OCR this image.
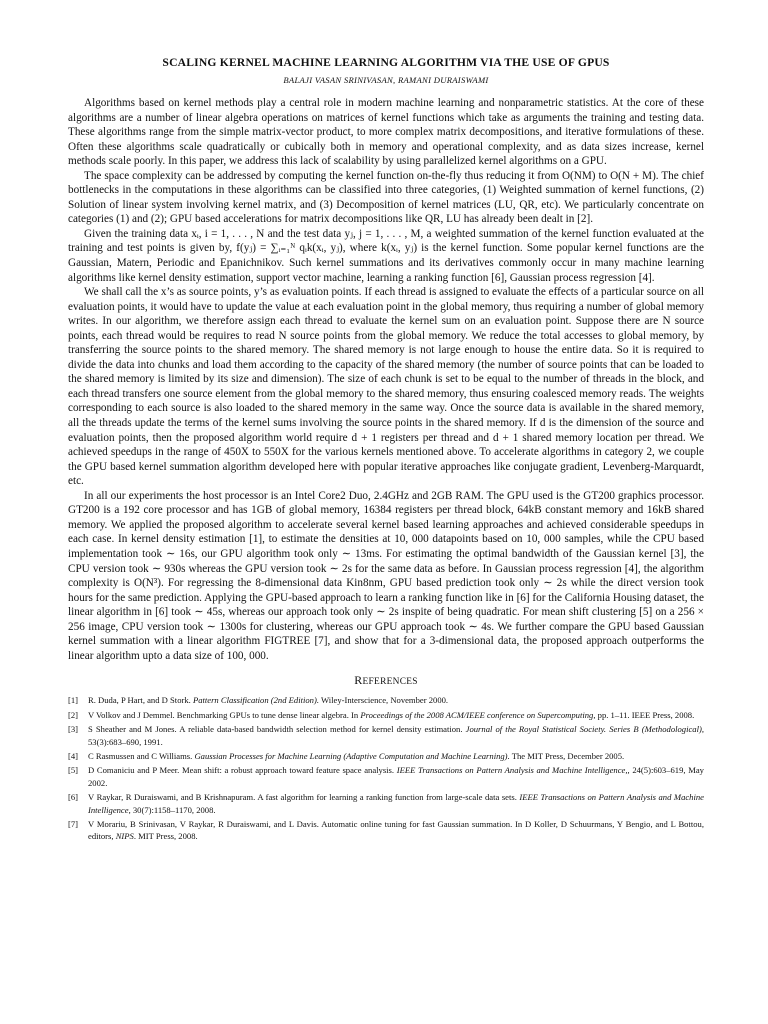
SCALING KERNEL MACHINE LEARNING ALGORITHM VIA THE USE OF GPUS
BALAJI VASAN SRINIVASAN, RAMANI DURAISWAMI

Algorithms based on kernel methods play a central role in modern machine learning and nonparametric statistics. At the core of these algorithms are a number of linear algebra operations on matrices of kernel functions which take as arguments the training and testing data. These algorithms range from the simple matrix-vector product, to more complex matrix decompositions, and iterative formulations of these. Often these algorithms scale quadratically or cubically both in memory and operational complexity, and as data sizes increase, kernel methods scale poorly. In this paper, we address this lack of scalability by using parallelized kernel algorithms on a GPU.

The space complexity can be addressed by computing the kernel function on-the-fly thus reducing it from O(NM) to O(N + M). The chief bottlenecks in the computations in these algorithms can be classified into three categories, (1) Weighted summation of kernel functions, (2) Solution of linear system involving kernel matrix, and (3) Decomposition of kernel matrices (LU, QR, etc). We particularly concentrate on categories (1) and (2); GPU based accelerations for matrix decompositions like QR, LU has already been dealt in [2].

Given the training data xᵢ, i = 1, . . . , N and the test data yⱼ, j = 1, . . . , M, a weighted summation of the kernel function evaluated at the training and test points is given by, f(yⱼ) = ∑ᵢ₌₁ᴺ qᵢk(xᵢ, yⱼ), where k(xᵢ, yⱼ) is the kernel function. Some popular kernel functions are the Gaussian, Matern, Periodic and Epanichnikov. Such kernel summations and its derivatives commonly occur in many machine learning algorithms like kernel density estimation, support vector machine, learning a ranking function [6], Gaussian process regression [4].

We shall call the x’s as source points, y’s as evaluation points. If each thread is assigned to evaluate the effects of a particular source on all evaluation points, it would have to update the value at each evaluation point in the global memory, thus requiring a number of global memory writes. In our algorithm, we therefore assign each thread to evaluate the kernel sum on an evaluation point. Suppose there are N source points, each thread would be requires to read N source points from the global memory. We reduce the total accesses to global memory, by transferring the source points to the shared memory. The shared memory is not large enough to house the entire data. So it is required to divide the data into chunks and load them according to the capacity of the shared memory (the number of source points that can be loaded to the shared memory is limited by its size and dimension). The size of each chunk is set to be equal to the number of threads in the block, and each thread transfers one source element from the global memory to the shared memory, thus ensuring coalesced memory reads. The weights corresponding to each source is also loaded to the shared memory in the same way. Once the source data is available in the shared memory, all the threads update the terms of the kernel sums involving the source points in the shared memory. If d is the dimension of the source and evaluation points, then the proposed algorithm world require d + 1 registers per thread and d + 1 shared memory location per thread. We achieved speedups in the range of 450X to 550X for the various kernels mentioned above. To accelerate algorithms in category 2, we couple the GPU based kernel summation algorithm developed here with popular iterative approaches like conjugate gradient, Levenberg-Marquardt, etc.

In all our experiments the host processor is an Intel Core2 Duo, 2.4GHz and 2GB RAM. The GPU used is the GT200 graphics processor. GT200 is a 192 core processor and has 1GB of global memory, 16384 registers per thread block, 64kB constant memory and 16kB shared memory. We applied the proposed algorithm to accelerate several kernel based learning approaches and achieved considerable speedups in each case. In kernel density estimation [1], to estimate the densities at 10, 000 datapoints based on 10, 000 samples, while the CPU based implementation took ∼ 16s, our GPU algorithm took only ∼ 13ms. For estimating the optimal bandwidth of the Gaussian kernel [3], the CPU version took ∼ 930s whereas the GPU version took ∼ 2s for the same data as before. In Gaussian process regression [4], the algorithm complexity is O(N³). For regressing the 8-dimensional data Kin8nm, GPU based prediction took only ∼ 2s while the direct version took hours for the same prediction. Applying the GPU-based approach to learn a ranking function like in [6] for the California Housing dataset, the linear algorithm in [6] took ∼ 45s, whereas our approach took only ∼ 2s inspite of being quadratic. For mean shift clustering [5] on a 256 × 256 image, CPU version took ∼ 1300s for clustering, whereas our GPU approach took ∼ 4s. We further compare the GPU based Gaussian kernel summation with a linear algorithm FIGTREE [7], and show that for a 3-dimensional data, the proposed approach outperforms the linear algorithm upto a data size of 100, 000.

REFERENCES
[1] R. Duda, P Hart, and D Stork. Pattern Classification (2nd Edition). Wiley-Interscience, November 2000.
[2] V Volkov and J Demmel. Benchmarking GPUs to tune dense linear algebra. In Proceedings of the 2008 ACM/IEEE conference on Supercomputing, pp. 1–11. IEEE Press, 2008.
[3] S Sheather and M Jones. A reliable data-based bandwidth selection method for kernel density estimation. Journal of the Royal Statistical Society. Series B (Methodological), 53(3):683–690, 1991.
[4] C Rasmussen and C Williams. Gaussian Processes for Machine Learning (Adaptive Computation and Machine Learning). The MIT Press, December 2005.
[5] D Comaniciu and P Meer. Mean shift: a robust approach toward feature space analysis. IEEE Transactions on Pattern Analysis and Machine Intelligence,, 24(5):603–619, May 2002.
[6] V Raykar, R Duraiswami, and B Krishnapuram. A fast algorithm for learning a ranking function from large-scale data sets. IEEE Transactions on Pattern Analysis and Machine Intelligence, 30(7):1158–1170, 2008.
[7] V Morariu, B Srinivasan, V Raykar, R Duraiswami, and L Davis. Automatic online tuning for fast Gaussian summation. In D Koller, D Schuurmans, Y Bengio, and L Bottou, editors, NIPS. MIT Press, 2008.
